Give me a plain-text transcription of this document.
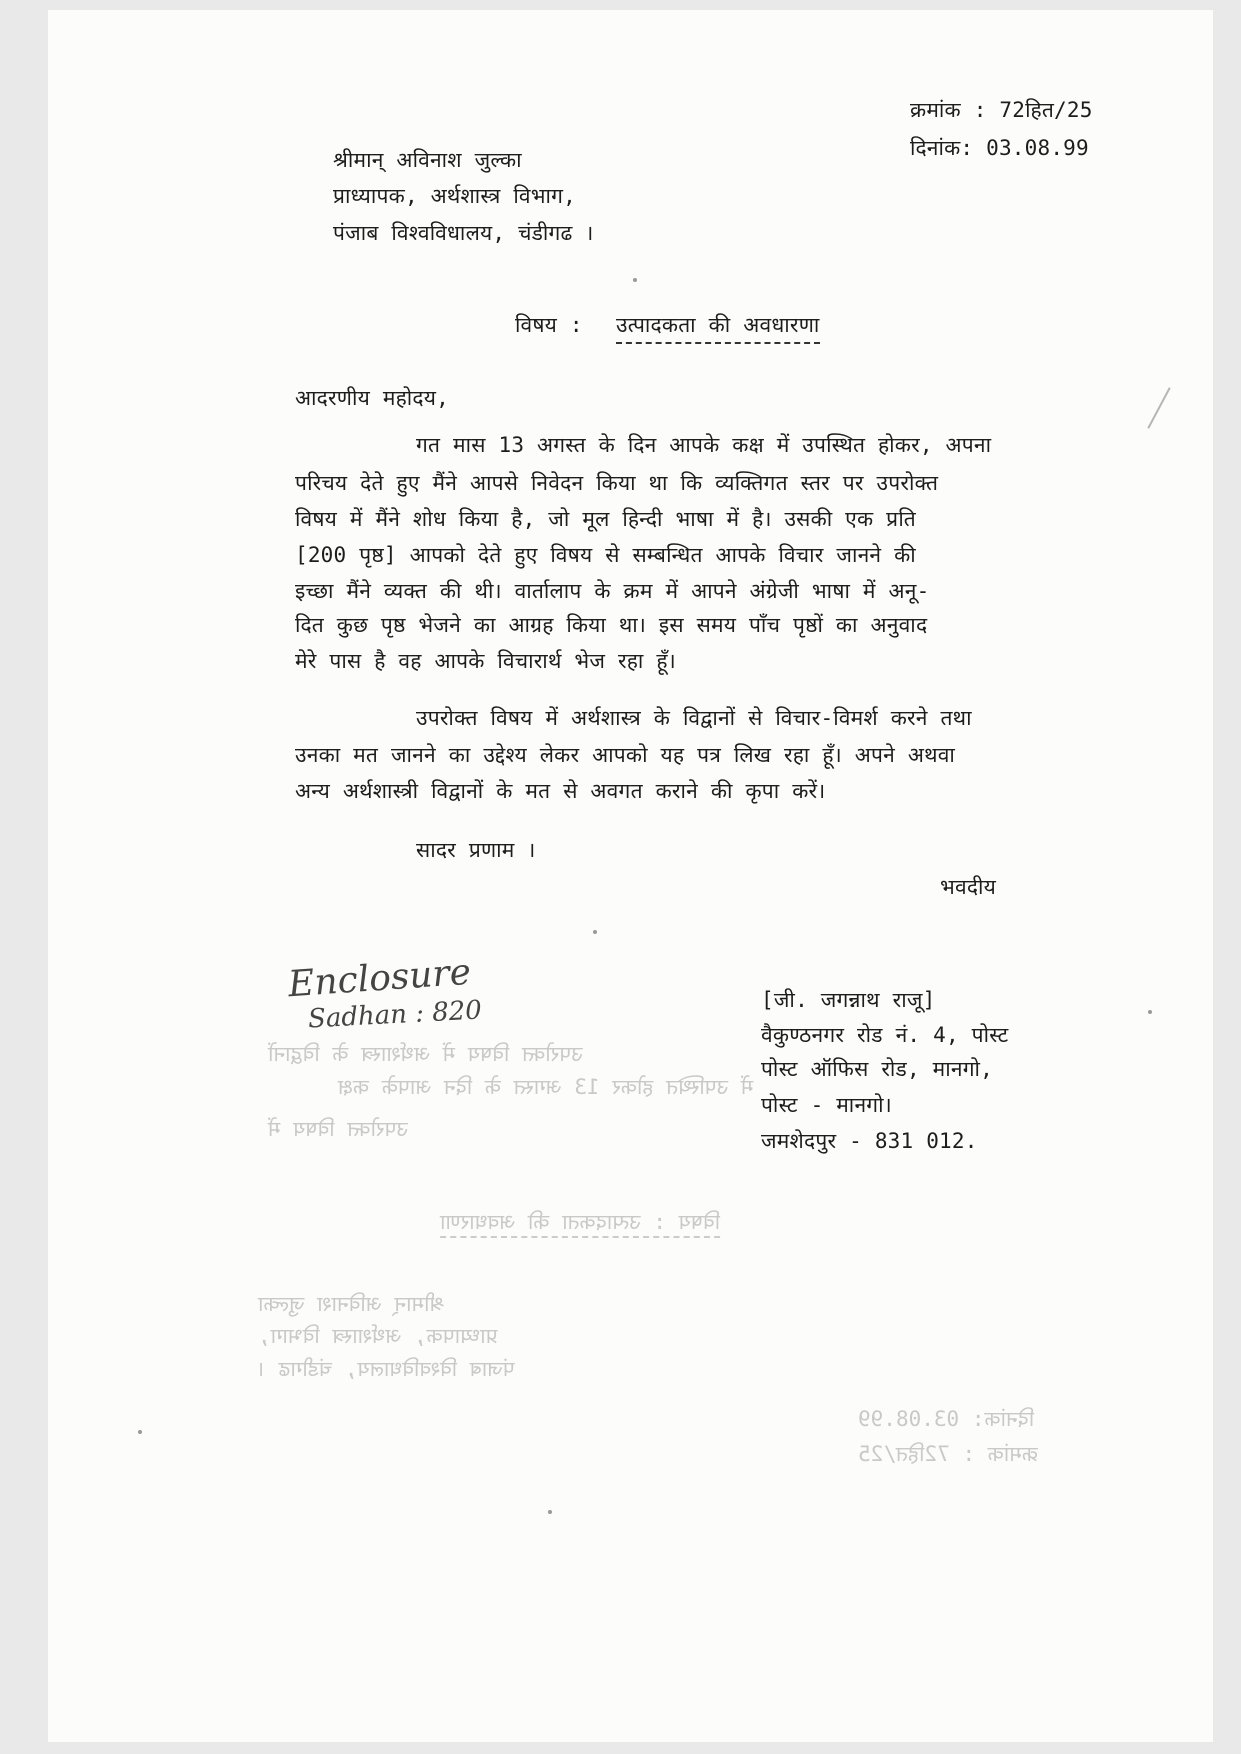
क्रमांक : 72हित/25
दिनांक: 03.08.99
श्रीमान् अविनाश जुल्का
प्राध्यापक, अर्थशास्त्र विभाग,
पंजाब विश्वविधालय, चंडीगढ ।
विषय : उत्पादकता की अवधारणा
आदरणीय महोदय,
गत मास 13 अगस्त के दिन आपके कक्ष में उपस्थित होकर, अपना
परिचय देते हुए मैंने आपसे निवेदन किया था कि व्यक्तिगत स्तर पर उपरोक्त
विषय में मैंने शोध किया है, जो मूल हिन्दी भाषा में है। उसकी एक प्रति
[200 पृष्ठ] आपको देते हुए विषय से सम्बन्धित आपके विचार जानने की
इच्छा मैंने व्यक्त की थी। वार्तालाप के क्रम में आपने अंग्रेजी भाषा में अनू-
दित कुछ पृष्ठ भेजने का आग्रह किया था। इस समय पाँच पृष्ठों का अनुवाद
मेरे पास है वह आपके विचारार्थ भेज रहा हूँ।
उपरोक्त विषय में अर्थशास्त्र के विद्वानों से विचार-विमर्श करने तथा
उनका मत जानने का उद्देश्य लेकर आपको यह पत्र लिख रहा हूँ। अपने अथवा
अन्य अर्थशास्त्री विद्वानों के मत से अवगत कराने की कृपा करें।
सादर प्रणाम ।
भवदीय
Enclosure
Sadhan : 820	[जी. जगन्नाथ राजू]
वैकुण्ठनगर रोड नं. 4, पोस्ट
पोस्ट ऑफिस रोड, मानगो,
पोस्ट - मानगो।
जमशेदपुर - 831 012.
उपरोक्त विषय में अर्थशास्त्र के विद्वानों
में उपस्थित होकर 13 अगस्त के दिन आपके कक्ष
उपरोक्त विषय में
विषय : उत्पादकता की अवधारणा
श्रीमान् अविनाश जुल्का
प्राध्यापक, अर्थशास्त्र विभाग,
पंजाब विश्वविधालय, चंडीगढ ।
दिनांक: 03.08.99
क्रमांक : 72हित/25
